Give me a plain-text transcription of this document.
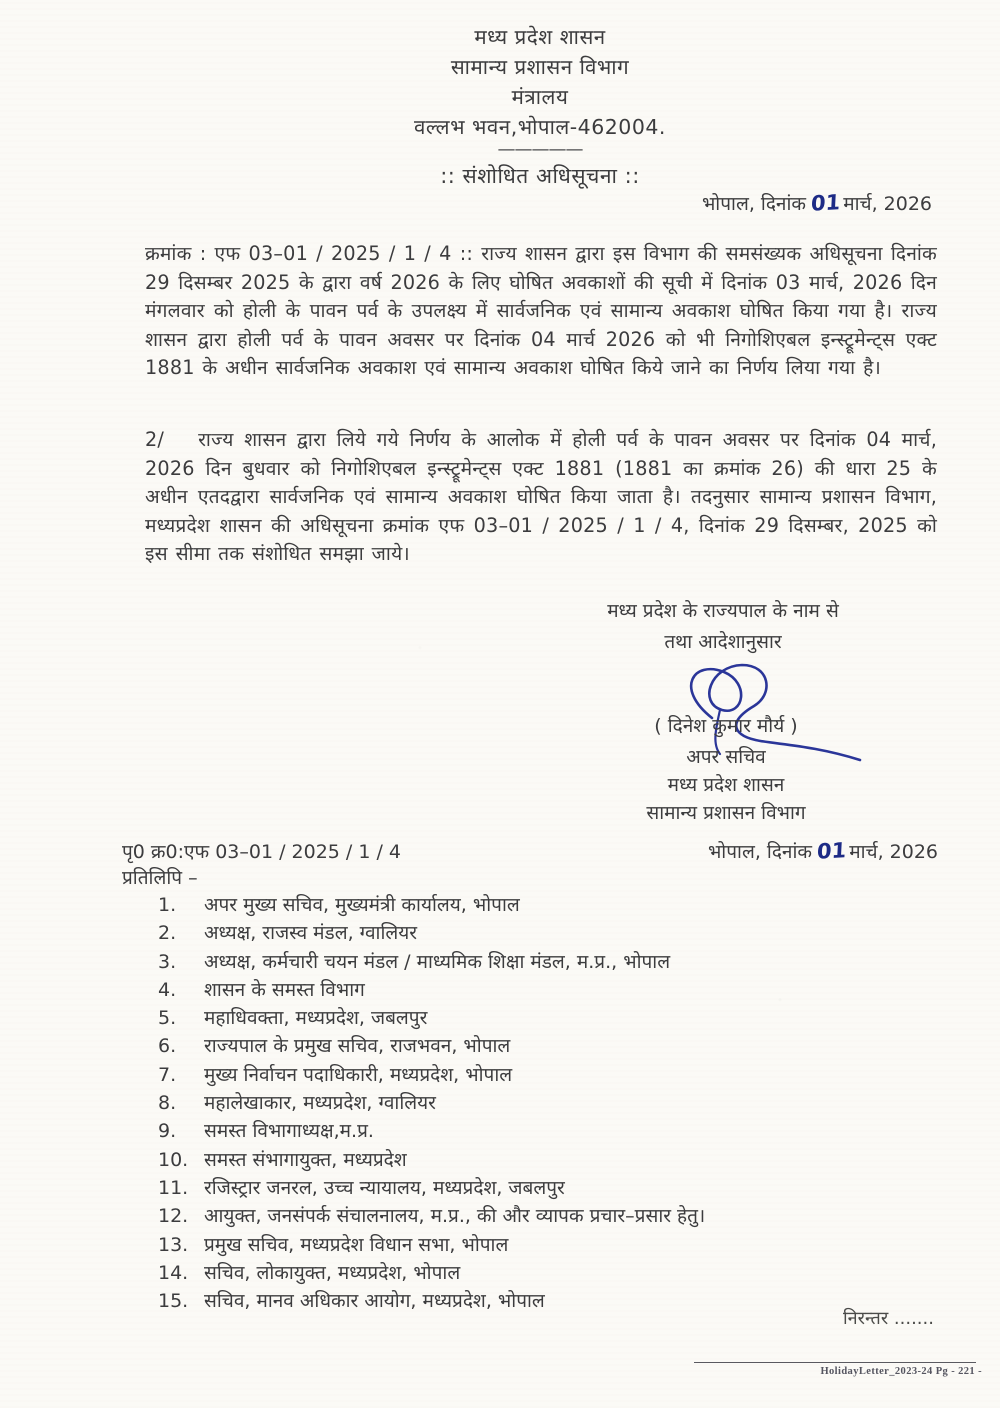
मध्य प्रदेश शासन
सामान्य प्रशासन विभाग
मंत्रालय
वल्लभ भवन,भोपाल-462004.
—————
:: संशोधित अधिसूचना ::
भोपाल, दिनांक 01 मार्च, 2026
क्रमांक : एफ 03–01 / 2025 / 1 / 4 :: राज्य शासन द्वारा इस विभाग की समसंख्यक अधिसूचना दिनांक 29 दिसम्बर 2025 के द्वारा वर्ष 2026 के लिए घोषित अवकाशों की सूची में दिनांक 03 मार्च, 2026 दिन मंगलवार को होली के पावन पर्व के उपलक्ष्य में सार्वजनिक एवं सामान्य अवकाश घोषित किया गया है। राज्य शासन द्वारा होली पर्व के पावन अवसर पर दिनांक 04 मार्च 2026 को भी निगोशिएबल इन्स्ट्रूमेन्ट्स एक्ट 1881 के अधीन सार्वजनिक अवकाश एवं सामान्य अवकाश घोषित किये जाने का निर्णय लिया गया है।
2/ राज्य शासन द्वारा लिये गये निर्णय के आलोक में होली पर्व के पावन अवसर पर दिनांक 04 मार्च, 2026 दिन बुधवार को निगोशिएबल इन्स्ट्रूमेन्ट्स एक्ट 1881 (1881 का क्रमांक 26) की धारा 25 के अधीन एतदद्वारा सार्वजनिक एवं सामान्य अवकाश घोषित किया जाता है। तदनुसार सामान्य प्रशासन विभाग, मध्यप्रदेश शासन की अधिसूचना क्रमांक एफ 03–01 / 2025 / 1 / 4, दिनांक 29 दिसम्बर, 2025 को इस सीमा तक संशोधित समझा जाये।
मध्य प्रदेश के राज्यपाल के नाम से
तथा आदेशानुसार
( दिनेश कुमार मौर्य )
अपर सचिव
मध्य प्रदेश शासन
सामान्य प्रशासन विभाग
पृ0 क्र0:एफ 03–01 / 2025 / 1 / 4	भोपाल, दिनांक 01 मार्च, 2026
प्रतिलिपि –
1.	अपर मुख्य सचिव, मुख्यमंत्री कार्यालय, भोपाल
2.	अध्यक्ष, राजस्व मंडल, ग्वालियर
3.	अध्यक्ष, कर्मचारी चयन मंडल / माध्यमिक शिक्षा मंडल, म.प्र., भोपाल
4.	शासन के समस्त विभाग
5.	महाधिवक्ता, मध्यप्रदेश, जबलपुर
6.	राज्यपाल के प्रमुख सचिव, राजभवन, भोपाल
7.	मुख्य निर्वाचन पदाधिकारी, मध्यप्रदेश, भोपाल
8.	महालेखाकार, मध्यप्रदेश, ग्वालियर
9.	समस्त विभागाध्यक्ष,म.प्र.
10. समस्त संभागायुक्त, मध्यप्रदेश
11. रजिस्ट्रार जनरल, उच्च न्यायालय, मध्यप्रदेश, जबलपुर
12. आयुक्त, जनसंपर्क संचालनालय, म.प्र., की और व्यापक प्रचार–प्रसार हेतु।
13. प्रमुख सचिव, मध्यप्रदेश विधान सभा, भोपाल
14. सचिव, लोकायुक्त, मध्यप्रदेश, भोपाल
15. सचिव, मानव अधिकार आयोग, मध्यप्रदेश, भोपाल
निरन्तर .......
HolidayLetter_2023-24 Pg - 221 -
